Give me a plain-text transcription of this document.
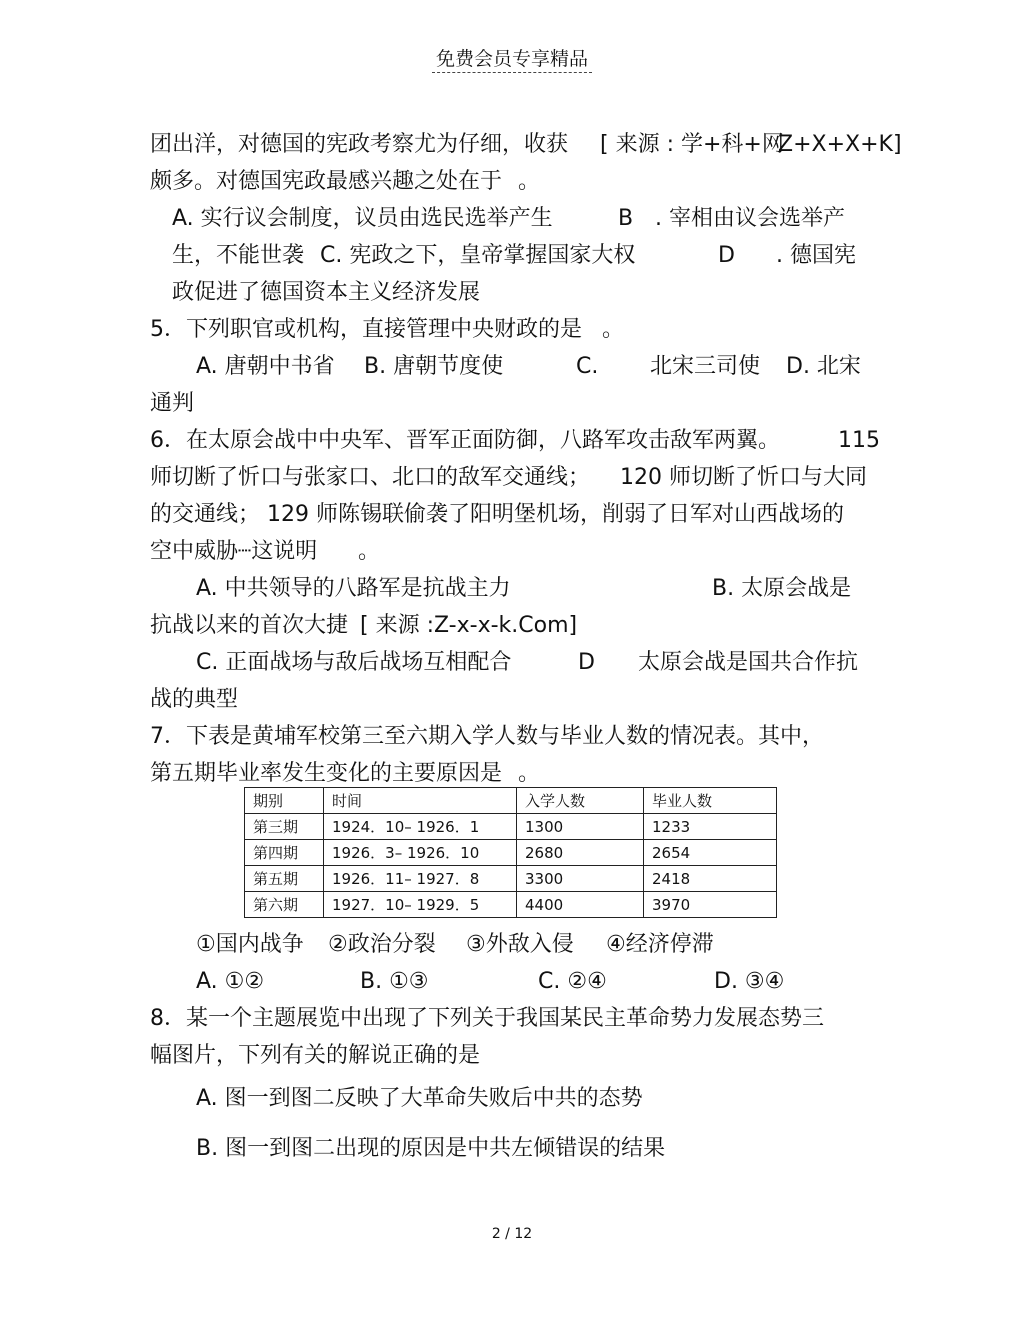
免费会员专享精品
团出洋，对德国的宪政考察尤为仔细，收获 [ 来源 : 学+科+网
Z+X+X+K]
颇多。对德国宪政最感兴趣之处在于 。
A. 实行议会制度，议员由选民选举产生	B . 宰相由议会选举产
生，不能世袭 C. 宪政之下，皇帝掌握国家大权	D . 德国宪
政促进了德国资本主义经济发展
5．下列职官或机构，直接管理中央财政的是 。
A. 唐朝中书省 B. 唐朝节度使	C. 北宋三司使 D. 北宋
通判
6．在太原会战中中央军、晋军正面防御，八路军攻击敌军两翼。	115
师切断了忻口与张家口、北口的敌军交通线； 120 师切断了忻口与大同
的交通线； 129 师陈锡联偷袭了阳明堡机场，削弱了日军对山西战场的
空中威胁┈这说明 。
A. 中共领导的八路军是抗战主力	B. 太原会战是
抗战以来的首次大捷 [ 来源 :Z-x-x-k.Com]
C. 正面战场与敌后战场互相配合	D 太原会战是国共合作抗
战的典型
7．下表是黄埔军校第三至六期入学人数与毕业人数的情况表。其中，
第五期毕业率发生变化的主要原因是 。
期别	时间	入学人数	毕业人数
第三期	1924．10– 1926．1	1300	1233
第四期	1926．3– 1926．10	2680	2654
第五期	1926．11– 1927．8	3300	2418
第六期	1927．10– 1929．5	4400	3970
①国内战争 ②政治分裂 ③外敌入侵 ④经济停滞
A. ①②	B. ①③	C. ②④	D. ③④
8．某一个主题展览中出现了下列关于我国某民主革命势力发展态势三
幅图片，下列有关的解说正确的是
A. 图一到图二反映了大革命失败后中共的态势
B. 图一到图二出现的原因是中共左倾错误的结果
2 / 12
